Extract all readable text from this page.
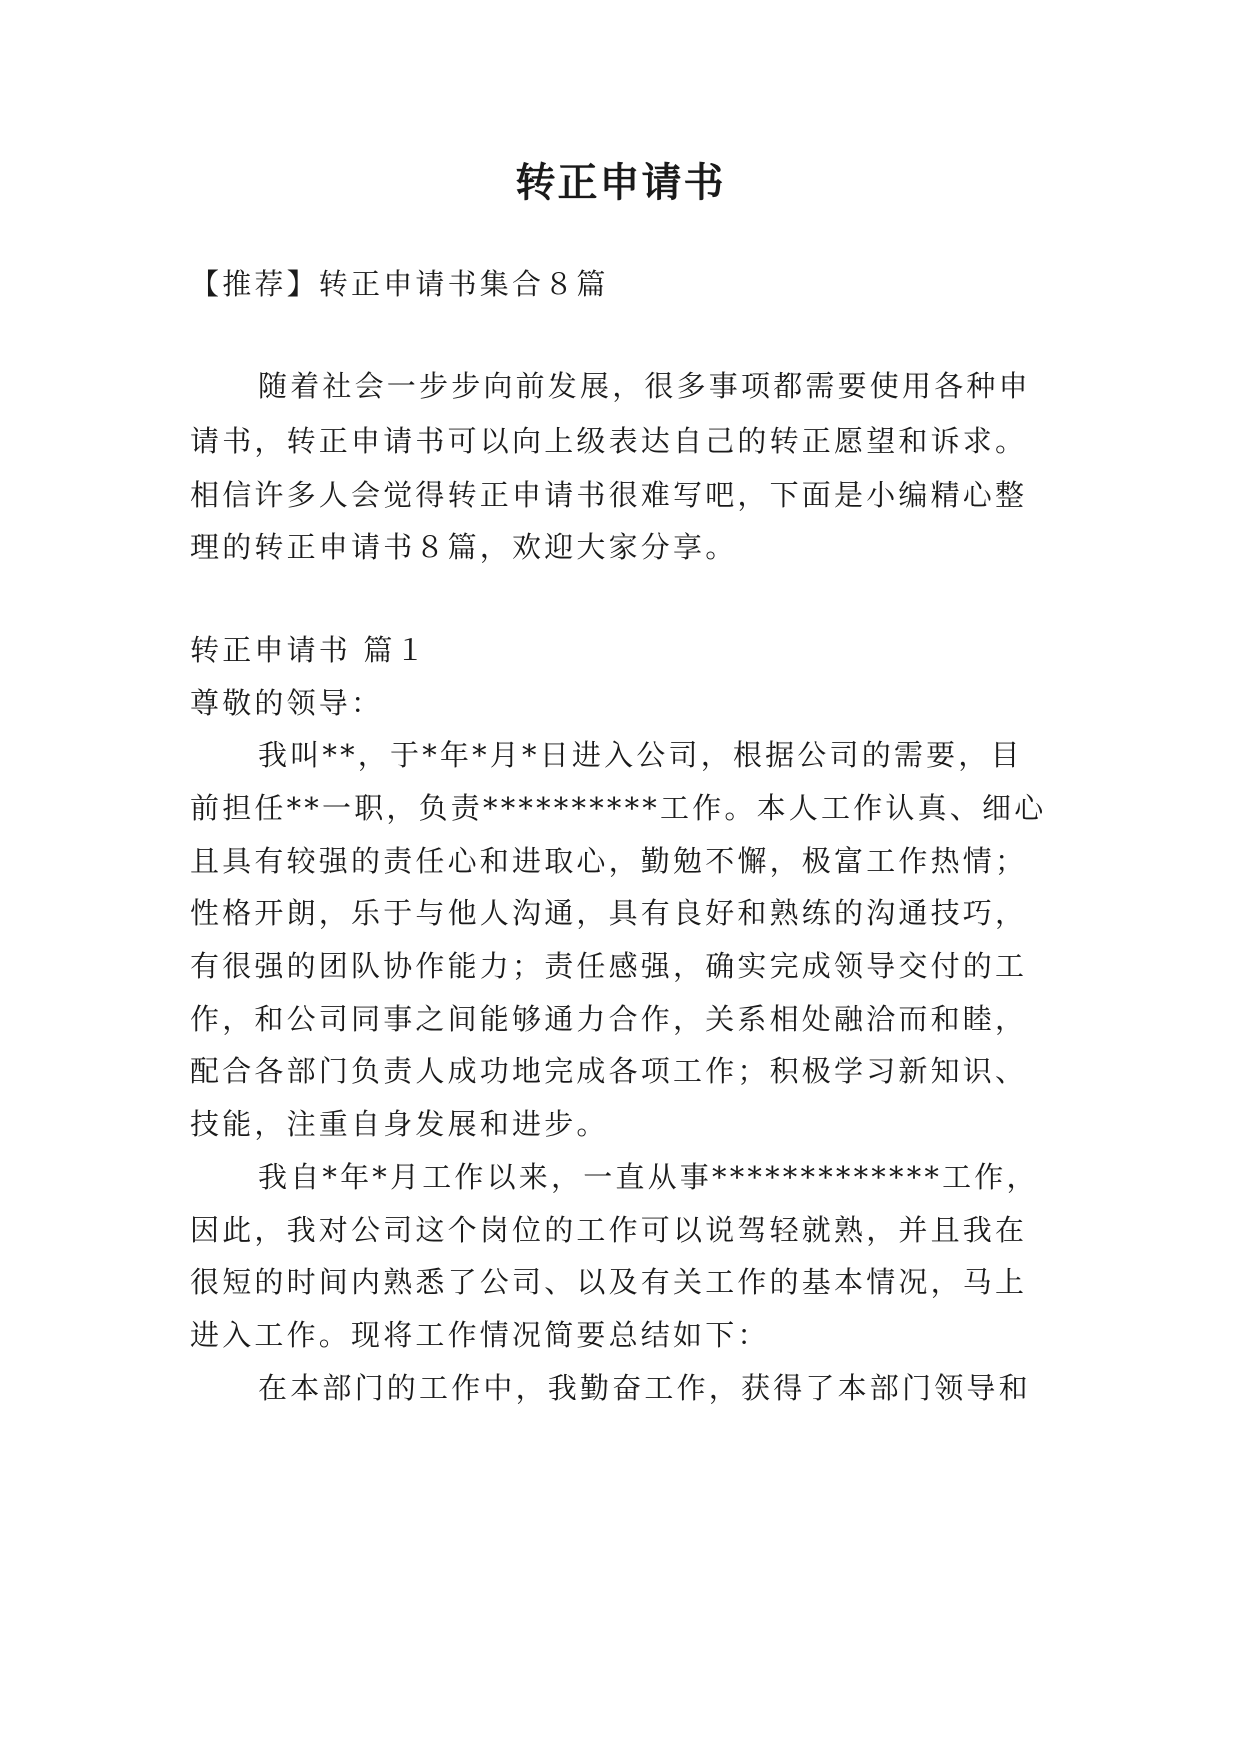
转正申请书
【推荐】转正申请书集合８篇
随着社会一步步向前发展，很多事项都需要使用各种申
请书，转正申请书可以向上级表达自己的转正愿望和诉求。
相信许多人会觉得转正申请书很难写吧，下面是小编精心整
理的转正申请书８篇，欢迎大家分享。
转正申请书 篇１
尊敬的领导：
我叫**，于*年*月*日进入公司，根据公司的需要，目
前担任**一职，负责**********工作。本人工作认真、细心
且具有较强的责任心和进取心，勤勉不懈，极富工作热情；
性格开朗，乐于与他人沟通，具有良好和熟练的沟通技巧，
有很强的团队协作能力；责任感强，确实完成领导交付的工
作，和公司同事之间能够通力合作，关系相处融洽而和睦，
配合各部门负责人成功地完成各项工作；积极学习新知识、
技能，注重自身发展和进步。
我自*年*月工作以来，一直从事*************工作，
因此，我对公司这个岗位的工作可以说驾轻就熟，并且我在
很短的时间内熟悉了公司、以及有关工作的基本情况，马上
进入工作。现将工作情况简要总结如下：
在本部门的工作中，我勤奋工作，获得了本部门领导和
